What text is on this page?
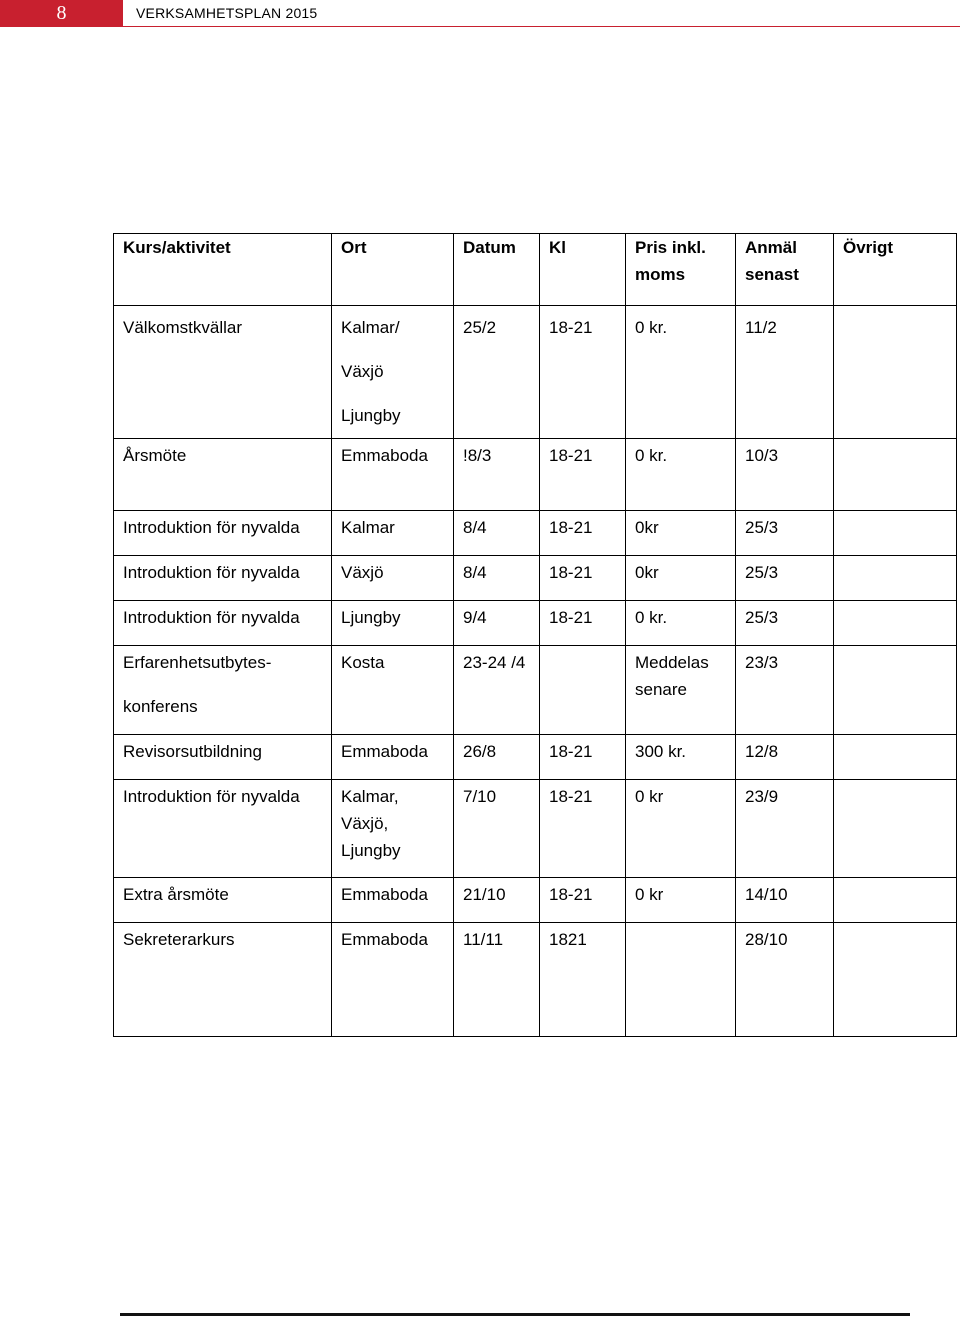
8	VERKSAMHETSPLAN 2015
Kurs/aktivitet	Ort	Datum	Kl	Pris inkl.
moms	Anmäl
senast	Övrigt

Välkomstkvällar	Kalmar/
Växjö
Ljungby	25/2	18-21	0 kr.	11/2	

Årsmöte	Emmaboda	!8/3	18-21	0 kr.	10/3	

Introduktion för nyvalda	Kalmar	8/4	18-21	0kr	25/3	

Introduktion för nyvalda	Växjö	8/4	18-21	0kr	25/3	

Introduktion för nyvalda	Ljungby	9/4	18-21	0 kr.	25/3	

Erfarenhetsutbytes-
konferens	Kosta	23-24 /4		Meddelas
senare	23/3	

Revisorsutbildning	Emmaboda	26/8	18-21	300 kr.	12/8	

Introduktion för nyvalda	Kalmar,
Växjö,
Ljungby	7/10	18-21	0 kr	23/9	

Extra årsmöte	Emmaboda	21/10	18-21	0 kr	14/10	

Sekreterarkurs	Emmaboda	11/11	1821		28/10	
